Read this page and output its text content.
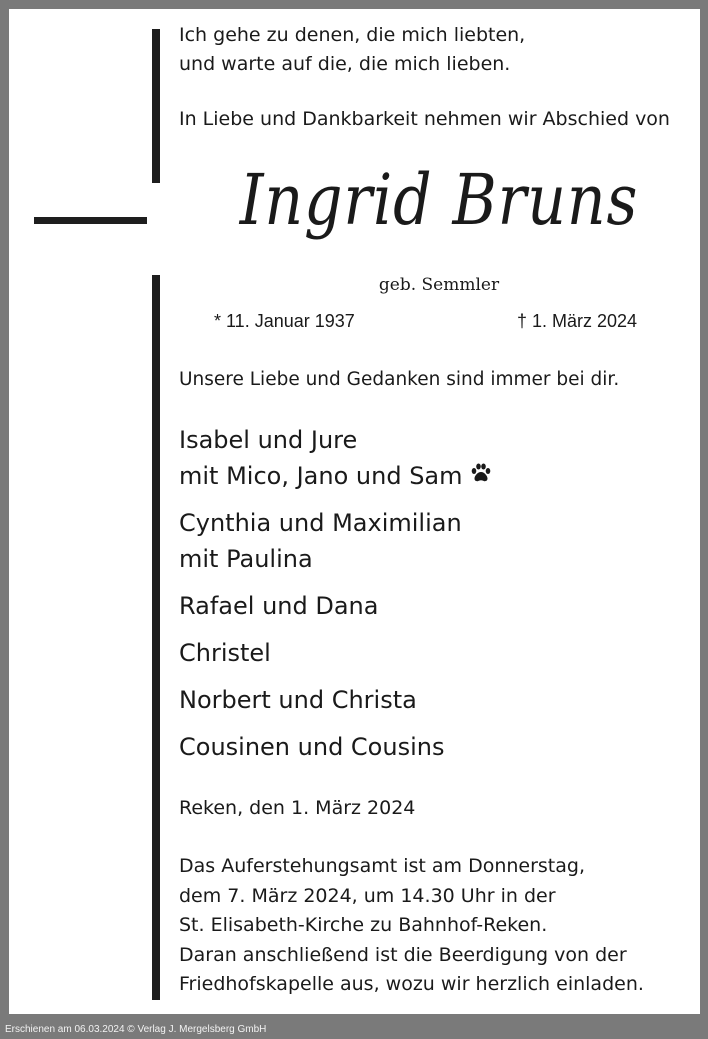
Ich gehe zu denen, die mich liebten,
und warte auf die, die mich lieben.
In Liebe und Dankbarkeit nehmen wir Abschied von
Ingrid Bruns
geb. Semmler
* 11. Januar 1937	† 1. März 2024
Unsere Liebe und Gedanken sind immer bei dir.
Isabel und Jure
mit Mico, Jano und Sam
Cynthia und Maximilian
mit Paulina
Rafael und Dana
Christel
Norbert und Christa
Cousinen und Cousins
Reken, den 1. März 2024
Das Auferstehungsamt ist am Donnerstag,
dem 7. März 2024, um 14.30 Uhr in der
St. Elisabeth-Kirche zu Bahnhof-Reken.
Daran anschließend ist die Beerdigung von der
Friedhofskapelle aus, wozu wir herzlich einladen.
Erschienen am 06.03.2024 © Verlag J. Mergelsberg GmbH
